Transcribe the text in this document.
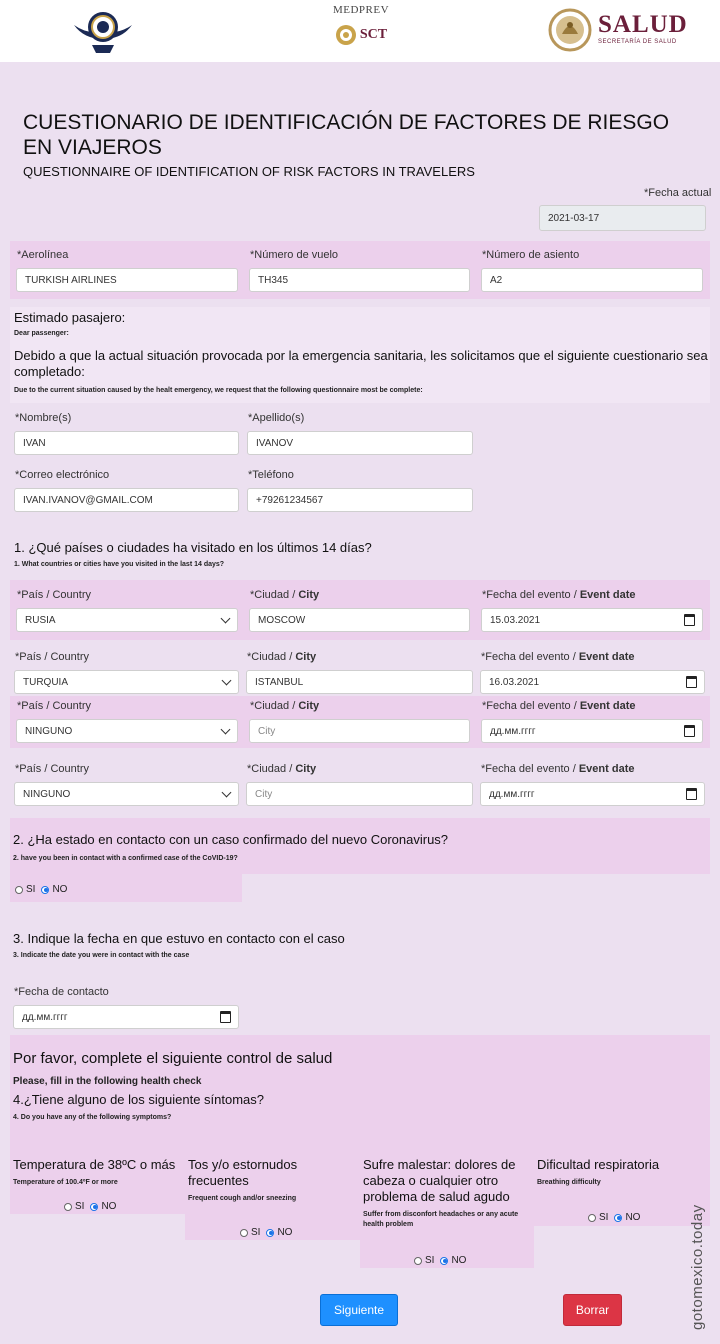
MEDPREV
SCT	SALUD
SECRETARÍA DE SALUD
CUESTIONARIO DE IDENTIFICACIÓN DE FACTORES DE RIESGO EN VIAJEROS
QUESTIONNAIRE OF IDENTIFICATION OF RISK FACTORS IN TRAVELERS
*Fecha actual
2021-03-17
*Aerolínea
TURKISH AIRLINES
*Número de vuelo
TH345
*Número de asiento
A2
Estimado pasajero:
Dear passenger:
Debido a que la actual situación provocada por la emergencia sanitaria, les solicitamos que el siguiente cuestionario sea completado:
Due to the current situation caused by the healt emergency, we request that the following questionnaire most be complete:
*Nombre(s)
IVAN
*Apellido(s)
IVANOV
*Correo electrónico
IVAN.IVANOV@GMAIL.COM
*Teléfono
+79261234567
1. ¿Qué países o ciudades ha visitado en los últimos 14 días?
1. What countries or cities have you visited in the last 14 days?
*País / Country
RUSIA
*Ciudad / City
MOSCOW
*Fecha del evento / Event date
15.03.2021
*País / Country
TURQUIA
*Ciudad / City
ISTANBUL
*Fecha del evento / Event date
16.03.2021
*País / Country
NINGUNO
*Ciudad / City
City
*Fecha del evento / Event date
дд.мм.гггг
*País / Country
NINGUNO
*Ciudad / City
City
*Fecha del evento / Event date
дд.мм.гггг
2. ¿Ha estado en contacto con un caso confirmado del nuevo Coronavirus?
2. have you been in contact with a confirmed case of the CoVID-19?
SI NO
3. Indique la fecha en que estuvo en contacto con el caso
3. Indicate the date you were in contact with the case
*Fecha de contacto
дд.мм.гггг
Por favor, complete el siguiente control de salud
Please, fill in the following health check
4.¿Tiene alguno de los siguiente síntomas?
4. Do you have any of the following symptoms?
Temperatura de 38ºC o más
Temperature of 100.4ºF or more
SI NO
Tos y/o estornudos frecuentes
Frequent cough and/or sneezing
SI NO
Sufre malestar: dolores de cabeza o cualquier otro problema de salud agudo
Suffer from disconfort headaches or any acute health problem
SI NO
Dificultad respiratoria
Breathing difficulty
SI NO
Siguiente	Borrar	gotomexico.today
